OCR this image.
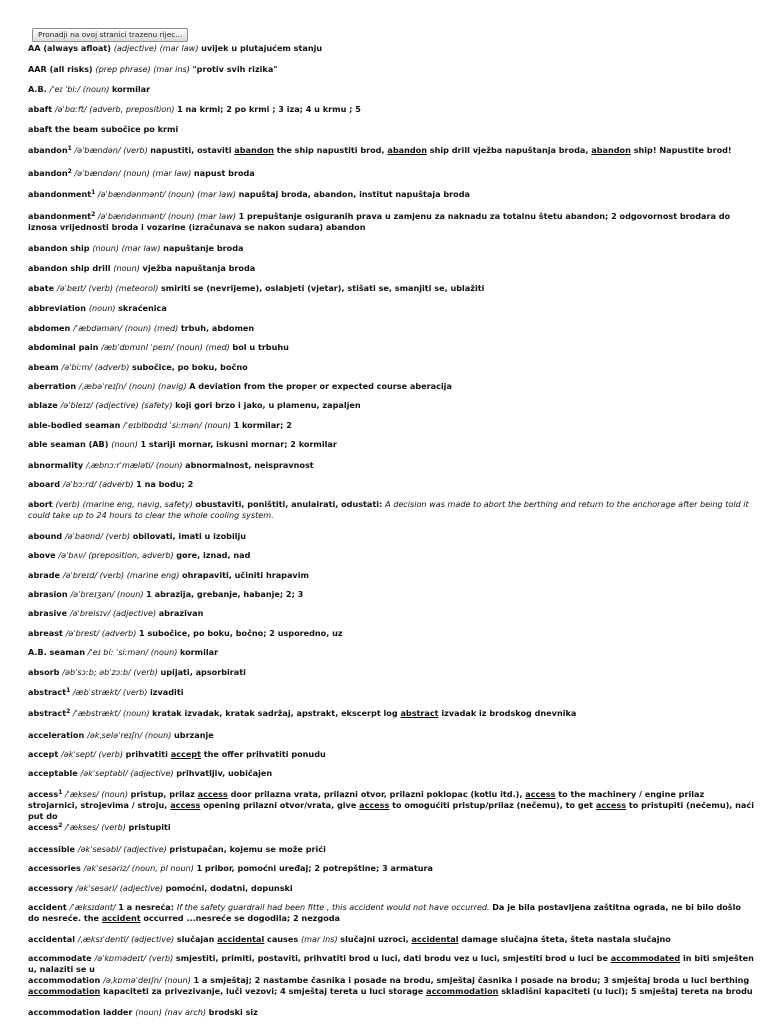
Pronadji na ovoj stranici trazenu rijec...

AA (always afloat) (adjective) (mar law) uvijek u plutajućem stanju

AAR (all risks) (prep phrase) (mar ins) "protiv svih rizika"

A.B. /ˈeɪ ˈbiː/ (noun) kormilar

abaft /əˈbɑːft/ (adverb, preposition) 1 na krmi; 2 po krmi ; 3 iza; 4 u krmu ; 5

abaft the beam subočice po krmi

abandon$^1$ /əˈbændən/ (verb) napustiti, ostaviti abandon the ship napustiti brod, abandon ship drill vježba napuštanja broda, abandon ship! Napustite brod!

abandon$^2$ /əˈbændən/ (noun) (mar law) napust broda

abandonment$^1$ /əˈbændənmənt/ (noun) (mar law) napuštaj broda, abandon, institut napuštaja broda

abandonment$^2$ /əˈbændənmənt/ (noun) (mar law) 1 prepuštanje osiguranih prava u zamjenu za naknadu za totalnu štetu abandon; 2 odgovornost brodara do iznosa vrijednosti broda i vozarine (izračunava se nakon sudara) abandon

abandon ship (noun) (mar law) napuštanje broda

abandon ship drill (noun) vježba napuštanja broda

abate /əˈbeɪt/ (verb) (meteorol) smiriti se (nevrijeme), oslabjeti (vjetar), stišati se, smanjiti se, ublažiti

abbreviation (noun) skraćenica

abdomen /ˈæbdəmən/ (noun) (med) trbuh, abdomen

abdominal pain /æbˈdɒmɪnl ˈpeɪn/ (noun) (med) bol u trbuhu

abeam /əˈbiːm/ (adverb) subočice, po boku, bočno

aberration /ˌæbəˈreɪʃn/ (noun) (navig) A deviation from the proper or expected course aberacija

ablaze /əˈbleɪz/ (adjective) (safety) koji gori brzo i jako, u plamenu, zapaljen

able-bodied seaman /ˈeɪblbɒdɪd ˈsiːmən/ (noun) 1 kormilar; 2

able seaman (AB) (noun) 1 stariji mornar, iskusni mornar; 2 kormilar

abnormality /ˌæbnɔːrˈmæləti/ (noun) abnormalnost, neispravnost

aboard /əˈbɔːrd/ (adverb) 1 na bodu; 2

abort (verb) (marine eng, navig, safety) obustaviti, poništiti, anulairati, odustati: A decision was made to abort the berthing and return to the anchorage after being told it could take up to 24 hours to clear the whole cooling system.

abound /əˈbaʊnd/ (verb) obilovati, imati u izobilju

above /əˈbʌv/ (preposition, adverb) gore, iznad, nad

abrade /əˈbreɪd/ (verb) (marine eng) ohrapaviti, učiniti hrapavim

abrasion /əˈbreɪʒən/ (noun) 1 abrazija, grebanje, habanje; 2; 3

abrasive /əˈbreisɪv/ (adjective) abrazivan

abreast /əˈbrest/ (adverb) 1 subočice, po boku, bočno; 2 usporedno, uz

A.B. seaman /ˈeɪ biː ˈsiːmən/ (noun) kormilar

absorb /əbˈsɔːb; əbˈzɔːb/ (verb) upijati, apsorbirati

abstract$^1$ /æbˈstrækt/ (verb) izvaditi

abstract$^2$ /ˈæbstrækt/ (noun) kratak izvadak, kratak sadržaj, apstrakt, ekscerpt log abstract izvadak iz brodskog dnevnika

acceleration /əkˌseləˈreɪʃn/ (noun) ubrzanje

accept /əkˈsept/ (verb) prihvatiti accept the offer prihvatiti ponudu

acceptable /əkˈseptəbl/ (adjective) prihvatljiv, uobičajen

access$^1$ /ˈækses/ (noun) pristup, prilaz access door prilazna vrata, prilazni otvor, prilazni poklopac (kotlu itd.), access to the machinery / engine prilaz strojarnici, strojevima / stroju, access opening prilazni otvor/vrata, give access to omogućiti pristup/prilaz (nečemu), to get access to pristupiti (nečemu), naći put do

access$^2$ /ˈækses/ (verb) pristupiti

accessible /əkˈsesəbl/ (adjective) pristupačan, kojemu se može prići

accessories /əkˈsesəriz/ (noun, pl noun) 1 pribor, pomoćni uređaj; 2 potrepštine; 3 armatura

accessory /əkˈsesəri/ (adjective) pomoćni, dodatni, dopunski

accident /ˈæksɪdənt/ 1 a nesreća: If the safety guardrail had been fitte , this accident would not have occurred. Da je bila postavljena zaštitna ograda, ne bi bilo došlo do nesreće. the accident occurred ...nesreće se dogodila; 2 nezgoda

accidental /ˌæksɪˈdentl/ (adjective) slučajan accidental causes (mar ins) slučajni uzroci, accidental damage slučajna šteta, šteta nastala slučajno

accommodate /əˈkɒmədeɪt/ (verb) smjestiti, primiti, postaviti, prihvatiti brod u luci, dati brodu vez u luci, smjestiti brod u luci be accommodated in biti smješten u, nalaziti se u

accommodation /əˌkɒməˈdeɪʃn/ (noun) 1 a smještaj; 2 nastambe časnika i posade na brodu, smještaj časnika i posade na brodu; 3 smještaj broda u luci berthing accommodation kapaciteti za privezivanje, luči vezovi; 4 smještaj tereta u luci storage accommodation skladišni kapaciteti (u luci); 5 smještaj tereta na brodu

accommodation ladder (noun) (nav arch) brodski siz
